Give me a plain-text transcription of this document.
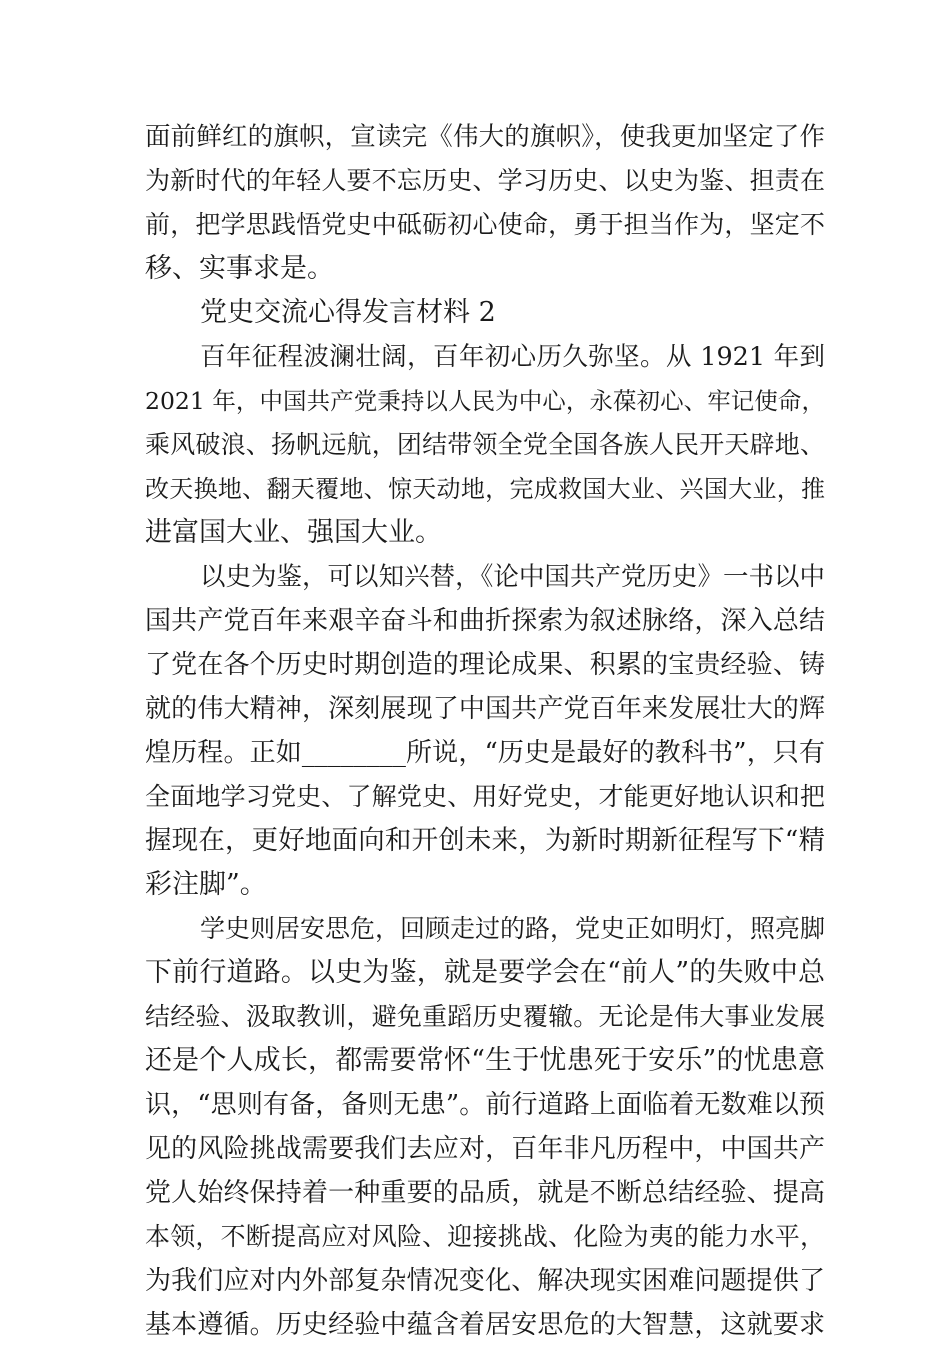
面前鲜红的旗帜，宣读完《伟大的旗帜》，使我更加坚定了作
为新时代的年轻人要不忘历史、学习历史、以史为鉴、担责在
前，把学思践悟党史中砥砺初心使命，勇于担当作为，坚定不
移、实事求是。
党史交流心得发言材料 2
百年征程波澜壮阔，百年初心历久弥坚。从 1921 年到
2021 年，中国共产党秉持以人民为中心，永葆初心、牢记使命，
乘风破浪、扬帆远航，团结带领全党全国各族人民开天辟地、
改天换地、翻天覆地、惊天动地，完成救国大业、兴国大业，推
进富国大业、强国大业。
以史为鉴，可以知兴替，《论中国共产党历史》一书以中
国共产党百年来艰辛奋斗和曲折探索为叙述脉络，深入总结
了党在各个历史时期创造的理论成果、积累的宝贵经验、铸
就的伟大精神，深刻展现了中国共产党百年来发展壮大的辉
煌历程。正如________所说，“历史是最好的教科书”，只有
全面地学习党史、了解党史、用好党史，才能更好地认识和把
握现在，更好地面向和开创未来，为新时期新征程写下“精
彩注脚”。
学史则居安思危，回顾走过的路，党史正如明灯，照亮脚
下前行道路。以史为鉴，就是要学会在“前人”的失败中总
结经验、汲取教训，避免重蹈历史覆辙。无论是伟大事业发展
还是个人成长，都需要常怀“生于忧患死于安乐”的忧患意
识，“思则有备，备则无患”。前行道路上面临着无数难以预
见的风险挑战需要我们去应对，百年非凡历程中，中国共产
党人始终保持着一种重要的品质，就是不断总结经验、提高
本领，不断提高应对风险、迎接挑战、化险为夷的能力水平，
为我们应对内外部复杂情况变化、解决现实困难问题提供了
基本遵循。历史经验中蕴含着居安思危的大智慧，这就要求
